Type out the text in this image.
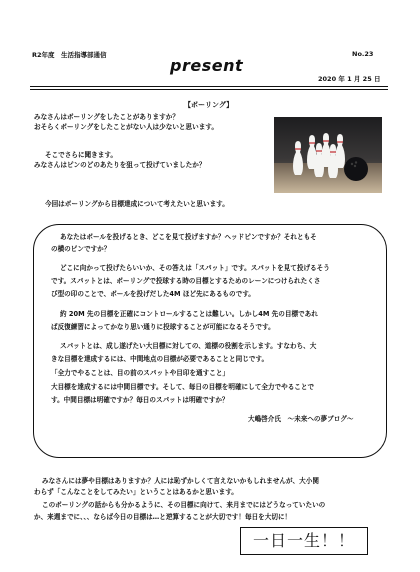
R2年度　生活指導部通信
present
No.23
2020 年 1 月 25 日
【ボーリング】
みなさんはボーリングをしたことがありますか？
おそらくボーリングをしたことがない人は少ないと思います。
そこでさらに聞きます。
みなさんはピンのどのあたりを狙って投げていましたか？
今回はボーリングから目標達成について考えたいと思います。
あなたはボールを投げるとき、どこを見て投げますか？ヘッドピンですか？それともそ
の横のピンですか？
どこに向かって投げたらいいか、その答えは「スパット」です。スパットを見て投げるそう
です。スパットとは、ボーリングで投球する時の目標とするためのレーンにつけられたくさ
び型の印のことで、ボールを投げだした4M ほど先にあるものです。
約 20M 先の目標を正確にコントロールすることは難しい。しかし4M 先の目標であれ
ば反復練習によってかなり思い通りに投球することが可能になるそうです。
スパットとは、成し遂げたい大目標に対しての、道標の役割を示します。すなわち、大
きな目標を達成するには、中間地点の目標が必要であることと同じです。
「全力でやることは、目の前のスパットや目印を通すこと」
大目標を達成するには中間目標です。そして、毎日の目標を明確にして全力でやることで
す。中間目標は明確ですか？毎日のスパットは明確ですか？
大嶋啓介氏　～未来への夢ブログ～
みなさんには夢や目標はありますか？人には恥ずかしくて言えないかもしれませんが、大小関
わらず「こんなことをしてみたい」ということはあるかと思います。
このボーリングの話からも分かるように、その目標に向けて、来月までにはどうなっていたいの
か、来週までに、、、ならば今日の目標は…と逆算することが大切です！毎日を大切に！
一日一生！！
